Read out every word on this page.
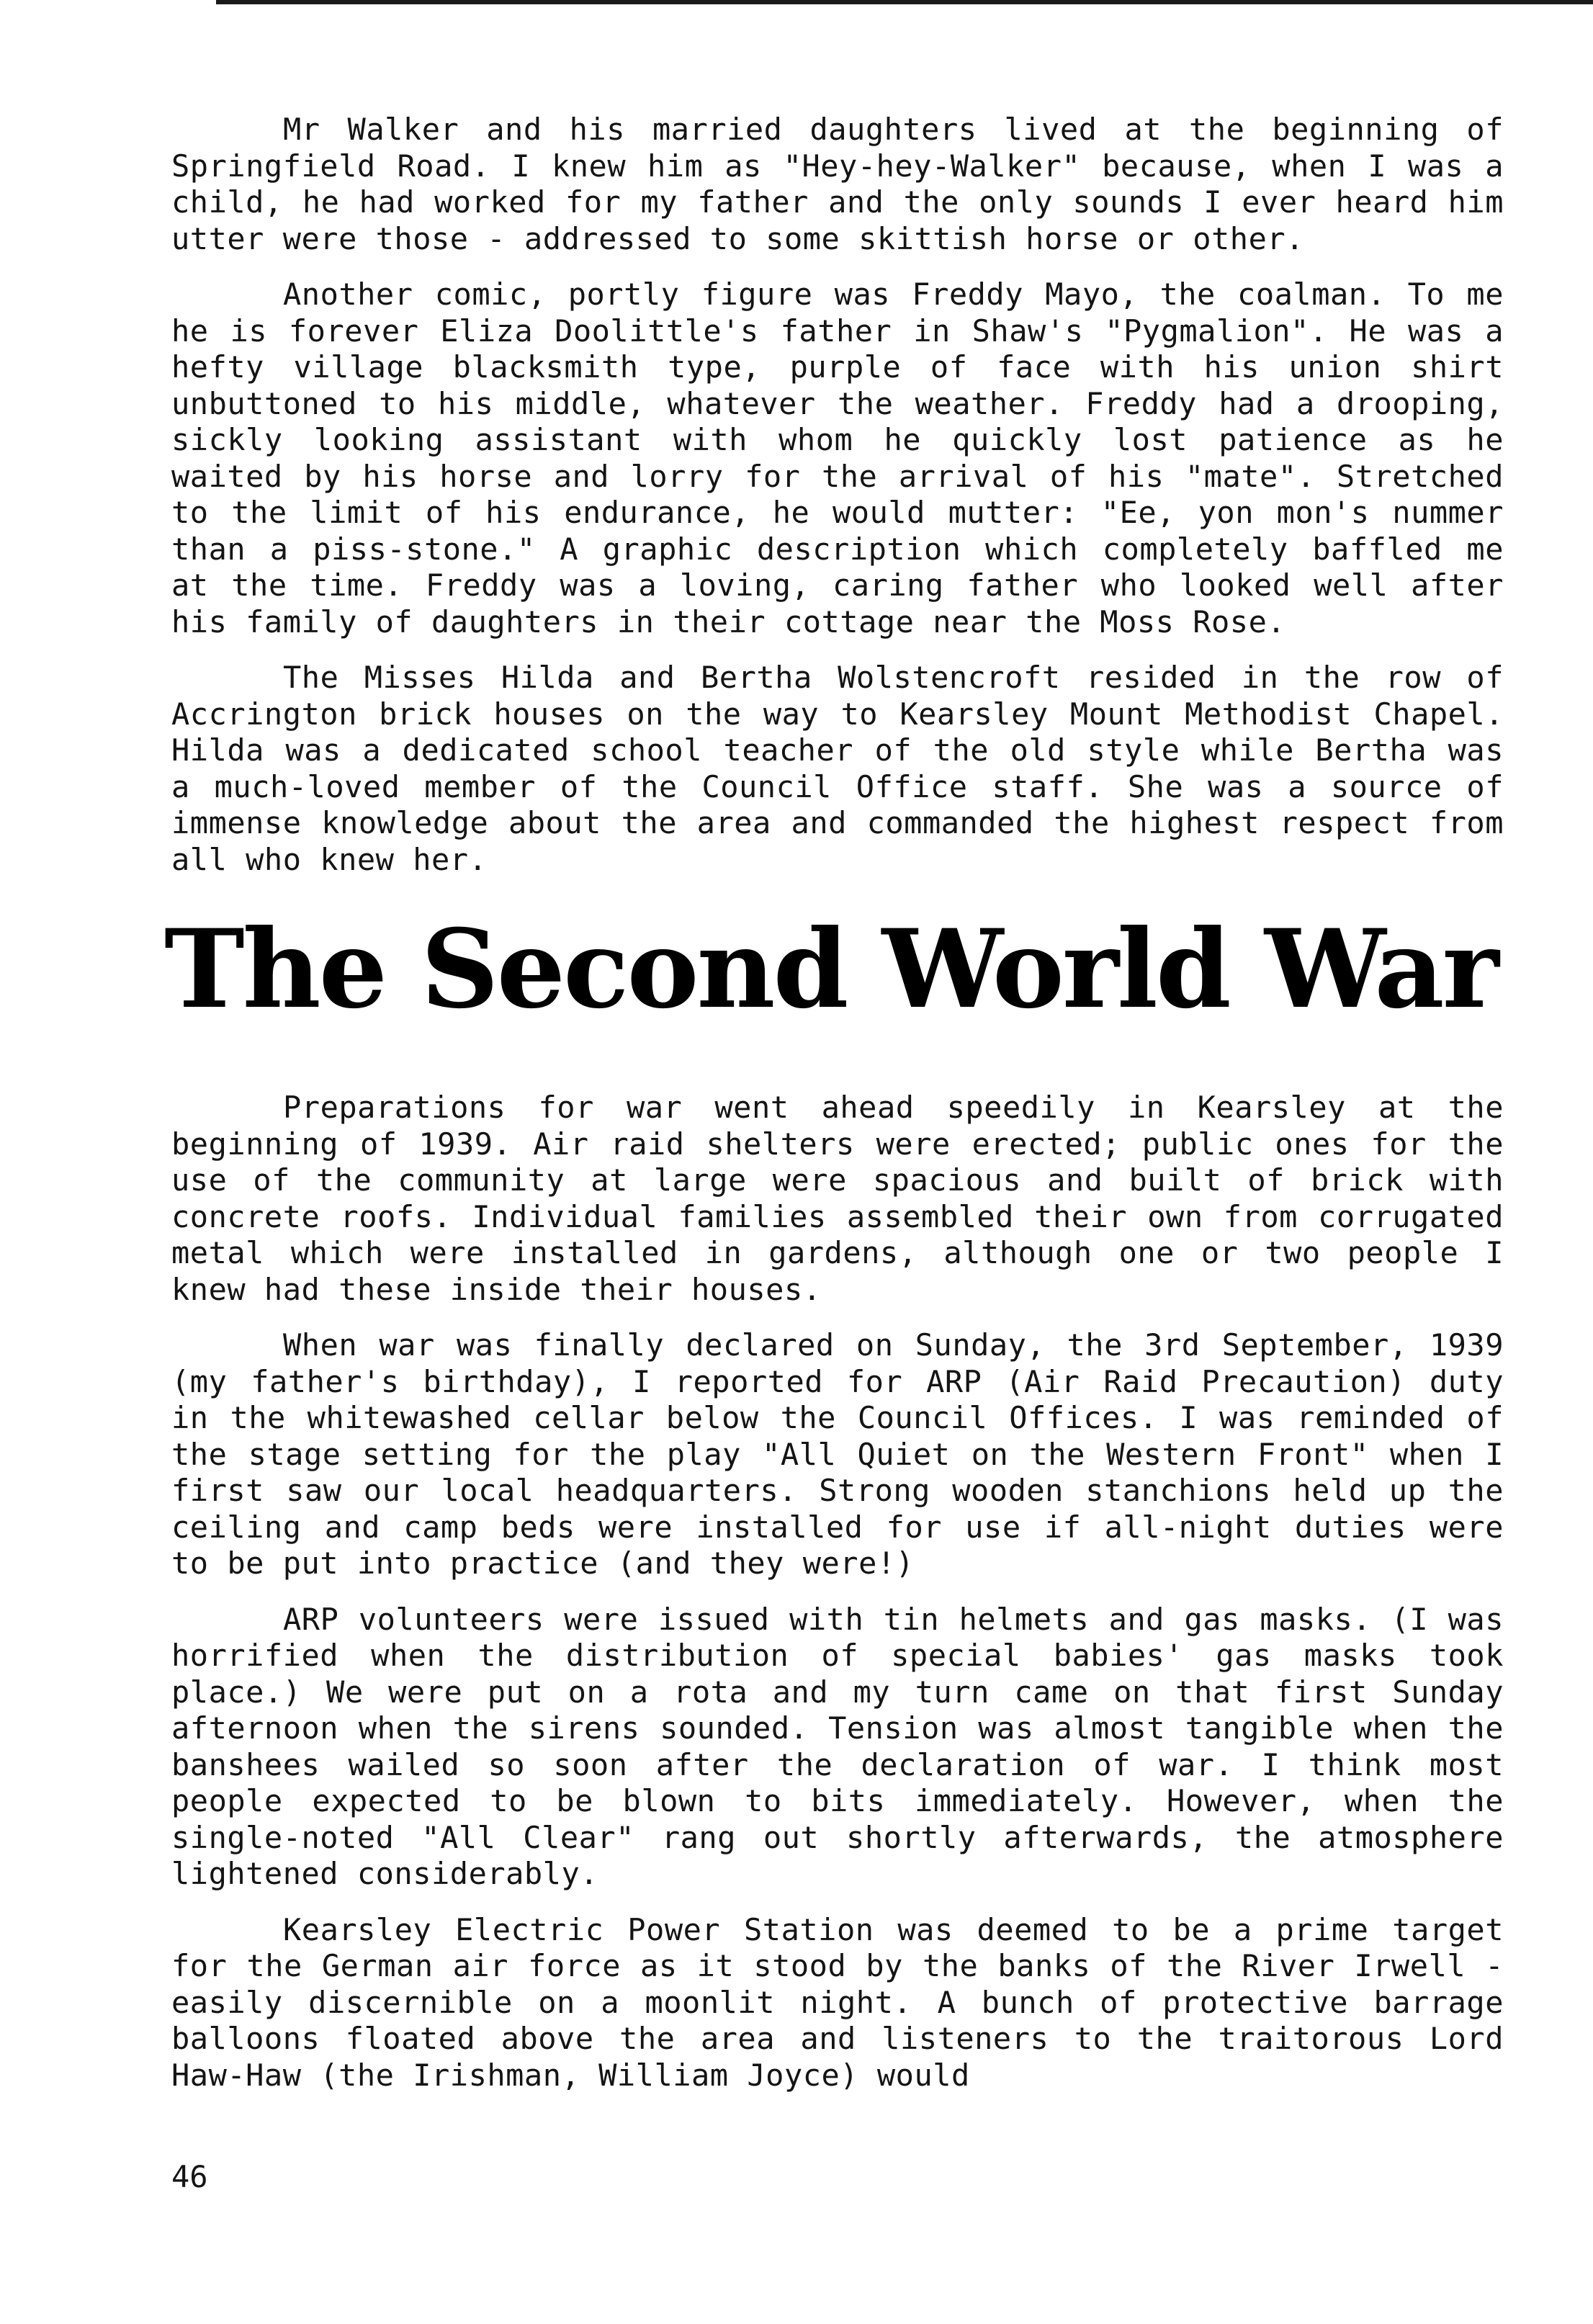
Mr Walker and his married daughters lived at the beginning of Springfield Road. I knew him as "Hey-hey-Walker" because, when I was a child, he had worked for my father and the only sounds I ever heard him utter were those - addressed to some skittish horse or other.

Another comic, portly figure was Freddy Mayo, the coalman. To me he is forever Eliza Doolittle's father in Shaw's "Pygmalion". He was a hefty village blacksmith type, purple of face with his union shirt unbuttoned to his middle, whatever the weather. Freddy had a drooping, sickly looking assistant with whom he quickly lost patience as he waited by his horse and lorry for the arrival of his "mate". Stretched to the limit of his endurance, he would mutter: "Ee, yon mon's nummer than a piss-stone." A graphic description which completely baffled me at the time. Freddy was a loving, caring father who looked well after his family of daughters in their cottage near the Moss Rose.

The Misses Hilda and Bertha Wolstencroft resided in the row of Accrington brick houses on the way to Kearsley Mount Methodist Chapel. Hilda was a dedicated school teacher of the old style while Bertha was a much-loved member of the Council Office staff. She was a source of immense knowledge about the area and commanded the highest respect from all who knew her.

The Second World War

Preparations for war went ahead speedily in Kearsley at the beginning of 1939. Air raid shelters were erected; public ones for the use of the community at large were spacious and built of brick with concrete roofs. Individual families assembled their own from corrugated metal which were installed in gardens, although one or two people I knew had these inside their houses.

When war was finally declared on Sunday, the 3rd September, 1939 (my father's birthday), I reported for ARP (Air Raid Precaution) duty in the whitewashed cellar below the Council Offices. I was reminded of the stage setting for the play "All Quiet on the Western Front" when I first saw our local headquarters. Strong wooden stanchions held up the ceiling and camp beds were installed for use if all-night duties were to be put into practice (and they were!)

ARP volunteers were issued with tin helmets and gas masks. (I was horrified when the distribution of special babies' gas masks took place.) We were put on a rota and my turn came on that first Sunday afternoon when the sirens sounded. Tension was almost tangible when the banshees wailed so soon after the declaration of war. I think most people expected to be blown to bits immediately. However, when the single-noted "All Clear" rang out shortly afterwards, the atmosphere lightened considerably.

Kearsley Electric Power Station was deemed to be a prime target for the German air force as it stood by the banks of the River Irwell - easily discernible on a moonlit night. A bunch of protective barrage balloons floated above the area and listeners to the traitorous Lord Haw-Haw (the Irishman, William Joyce) would

46
